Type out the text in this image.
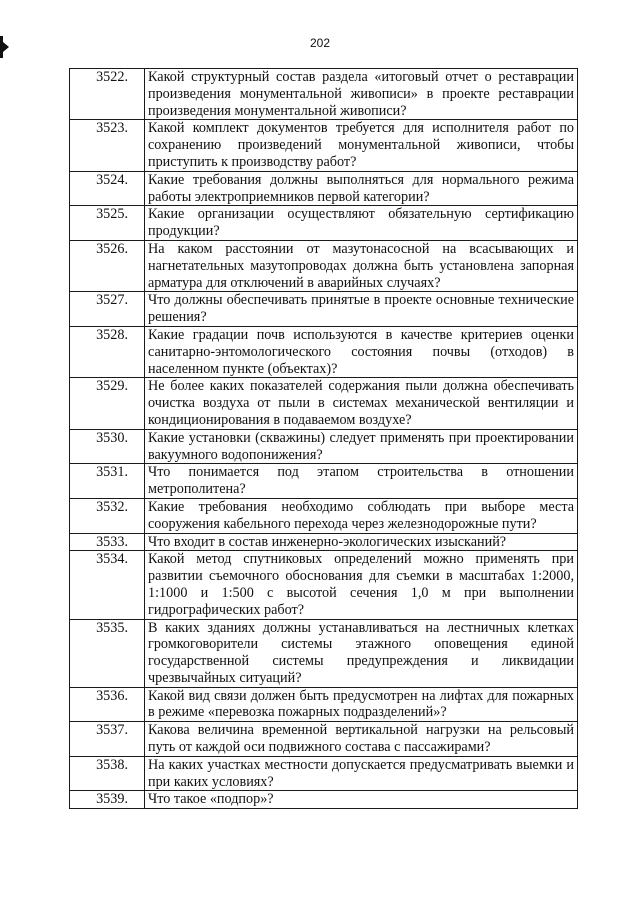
202
3522.	Какой структурный состав раздела «итоговый отчет о реставрации произведения монументальной живописи» в проекте реставрации произведения монументальной живописи?
3523.	Какой комплект документов требуется для исполнителя работ по сохранению произведений монументальной живописи, чтобы приступить к производству работ?
3524.	Какие требования должны выполняться для нормального режима работы электроприемников первой категории?
3525.	Какие организации осуществляют обязательную сертификацию продукции?
3526.	На каком расстоянии от мазутонасосной на всасывающих и нагнетательных мазутопроводах должна быть установлена запорная арматура для отключений в аварийных случаях?
3527.	Что должны обеспечивать принятые в проекте основные технические решения?
3528.	Какие градации почв используются в качестве критериев оценки санитарно-энтомологического состояния почвы (отходов) в населенном пункте (объектах)?
3529.	Не более каких показателей содержания пыли должна обеспечивать очистка воздуха от пыли в системах механической вентиляции и кондиционирования в подаваемом воздухе?
3530.	Какие установки (скважины) следует применять при проектировании вакуумного водопонижения?
3531.	Что понимается под этапом строительства в отношении метрополитена?
3532.	Какие требования необходимо соблюдать при выборе места сооружения кабельного перехода через железнодорожные пути?
3533.	Что входит в состав инженерно-экологических изысканий?
3534.	Какой метод спутниковых определений можно применять при развитии съемочного обоснования для съемки в масштабах 1:2000, 1:1000 и 1:500 с высотой сечения 1,0 м при выполнении гидрографических работ?
3535.	В каких зданиях должны устанавливаться на лестничных клетках громкоговорители системы этажного оповещения единой государственной системы предупреждения и ликвидации чрезвычайных ситуаций?
3536.	Какой вид связи должен быть предусмотрен на лифтах для пожарных в режиме «перевозка пожарных подразделений»?
3537.	Какова величина временной вертикальной нагрузки на рельсовый путь от каждой оси подвижного состава с пассажирами?
3538.	На каких участках местности допускается предусматривать выемки и при каких условиях?
3539.	Что такое «подпор»?
